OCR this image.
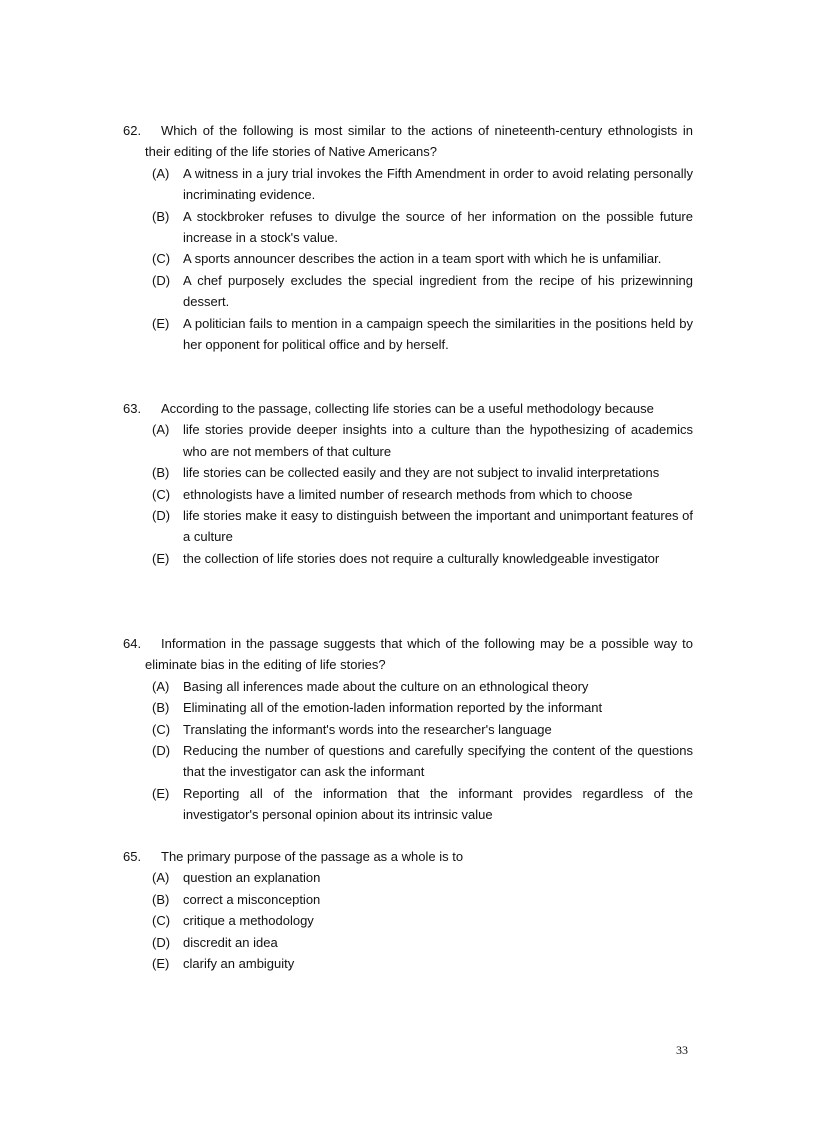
62. Which of the following is most similar to the actions of nineteenth-century ethnologists in their editing of the life stories of Native Americans?
(A) A witness in a jury trial invokes the Fifth Amendment in order to avoid relating personally incriminating evidence.
(B) A stockbroker refuses to divulge the source of her information on the possible future increase in a stock's value.
(C) A sports announcer describes the action in a team sport with which he is unfamiliar.
(D) A chef purposely excludes the special ingredient from the recipe of his prizewinning dessert.
(E) A politician fails to mention in a campaign speech the similarities in the positions held by her opponent for political office and by herself.
63. According to the passage, collecting life stories can be a useful methodology because
(A) life stories provide deeper insights into a culture than the hypothesizing of academics who are not members of that culture
(B) life stories can be collected easily and they are not subject to invalid interpretations
(C) ethnologists have a limited number of research methods from which to choose
(D) life stories make it easy to distinguish between the important and unimportant features of a culture
(E) the collection of life stories does not require a culturally knowledgeable investigator
64. Information in the passage suggests that which of the following may be a possible way to eliminate bias in the editing of life stories?
(A) Basing all inferences made about the culture on an ethnological theory
(B) Eliminating all of the emotion-laden information reported by the informant
(C) Translating the informant's words into the researcher's language
(D) Reducing the number of questions and carefully specifying the content of the questions that the investigator can ask the informant
(E) Reporting all of the information that the informant provides regardless of the investigator's personal opinion about its intrinsic value
65. The primary purpose of the passage as a whole is to
(A) question an explanation
(B) correct a misconception
(C) critique a methodology
(D) discredit an idea
(E) clarify an ambiguity
33
